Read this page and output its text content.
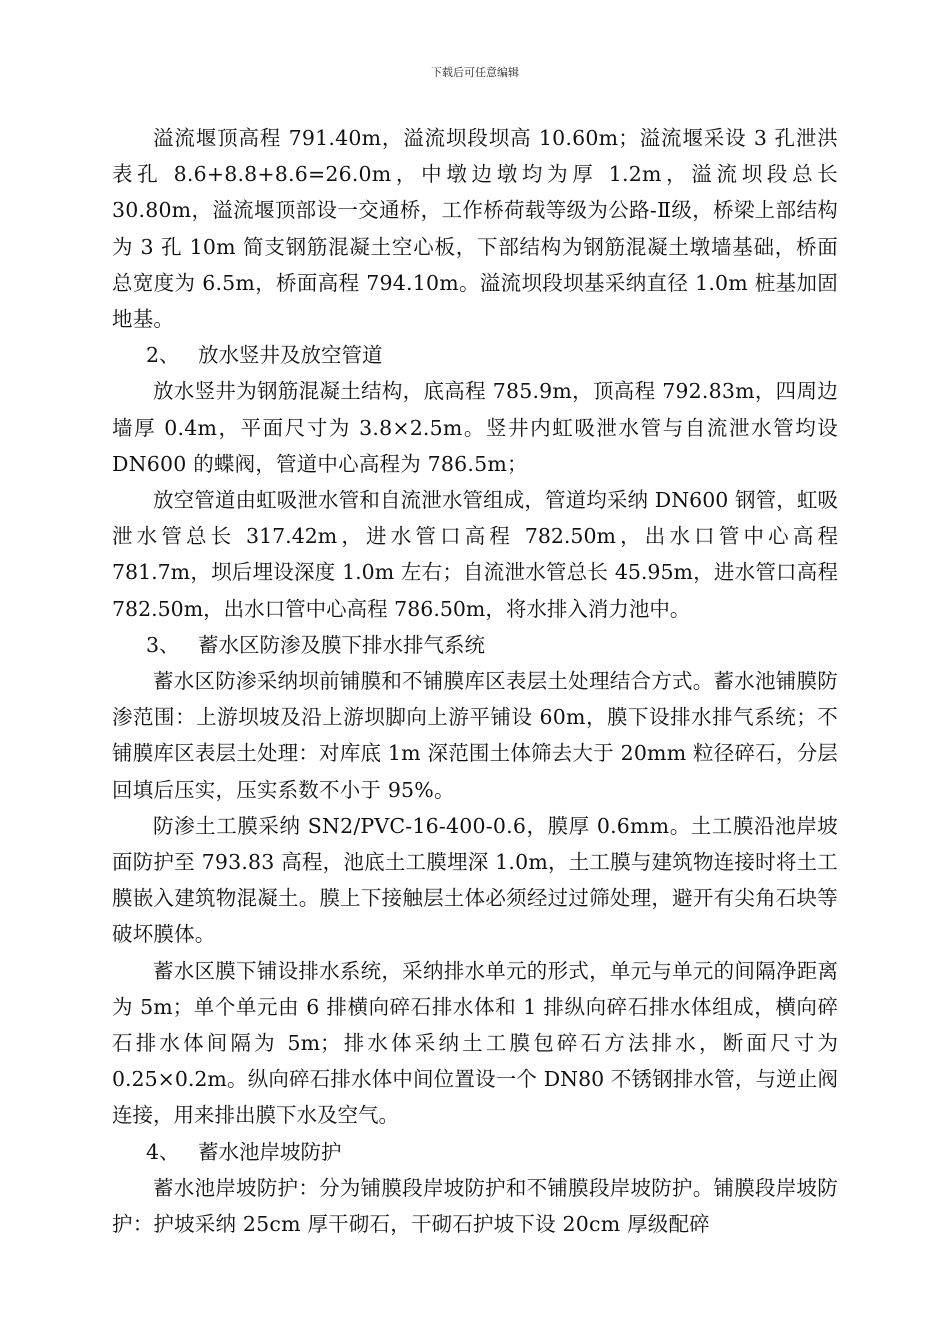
下载后可任意编辑

溢流堰顶高程 791.40m，溢流坝段坝高 10.60m；溢流堰采设 3 孔泄洪表孔 8.6+8.8+8.6=26.0m，中墩边墩均为厚 1.2m，溢流坝段总长 30.80m，溢流堰顶部设一交通桥，工作桥荷载等级为公路-Ⅱ级，桥梁上部结构为 3 孔 10m 简支钢筋混凝土空心板，下部结构为钢筋混凝土墩墙基础，桥面总宽度为 6.5m，桥面高程 794.10m。溢流坝段坝基采纳直径 1.0m 桩基加固地基。

2、 放水竖井及放空管道

放水竖井为钢筋混凝土结构，底高程 785.9m，顶高程 792.83m，四周边墙厚 0.4m，平面尺寸为 3.8×2.5m。竖井内虹吸泄水管与自流泄水管均设 DN600 的蝶阀，管道中心高程为 786.5m；

放空管道由虹吸泄水管和自流泄水管组成，管道均采纳 DN600 钢管，虹吸泄水管总长 317.42m，进水管口高程 782.50m，出水口管中心高程 781.7m，坝后埋设深度 1.0m 左右；自流泄水管总长 45.95m，进水管口高程 782.50m，出水口管中心高程 786.50m，将水排入消力池中。

3、 蓄水区防渗及膜下排水排气系统

蓄水区防渗采纳坝前铺膜和不铺膜库区表层土处理结合方式。蓄水池铺膜防渗范围：上游坝坡及沿上游坝脚向上游平铺设 60m，膜下设排水排气系统；不铺膜库区表层土处理：对库底 1m 深范围土体筛去大于 20mm 粒径碎石，分层回填后压实，压实系数不小于 95%。

防渗土工膜采纳 SN2/PVC-16-400-0.6，膜厚 0.6mm。土工膜沿池岸坡面防护至 793.83 高程，池底土工膜埋深 1.0m，土工膜与建筑物连接时将土工膜嵌入建筑物混凝土。膜上下接触层土体必须经过过筛处理，避开有尖角石块等破坏膜体。

蓄水区膜下铺设排水系统，采纳排水单元的形式，单元与单元的间隔净距离为 5m；单个单元由 6 排横向碎石排水体和 1 排纵向碎石排水体组成，横向碎石排水体间隔为 5m；排水体采纳土工膜包碎石方法排水，断面尺寸为 0.25×0.2m。纵向碎石排水体中间位置设一个 DN80 不锈钢排水管，与逆止阀连接，用来排出膜下水及空气。

4、 蓄水池岸坡防护

蓄水池岸坡防护：分为铺膜段岸坡防护和不铺膜段岸坡防护。铺膜段岸坡防护：护坡采纳 25cm 厚干砌石，干砌石护坡下设 20cm 厚级配碎
